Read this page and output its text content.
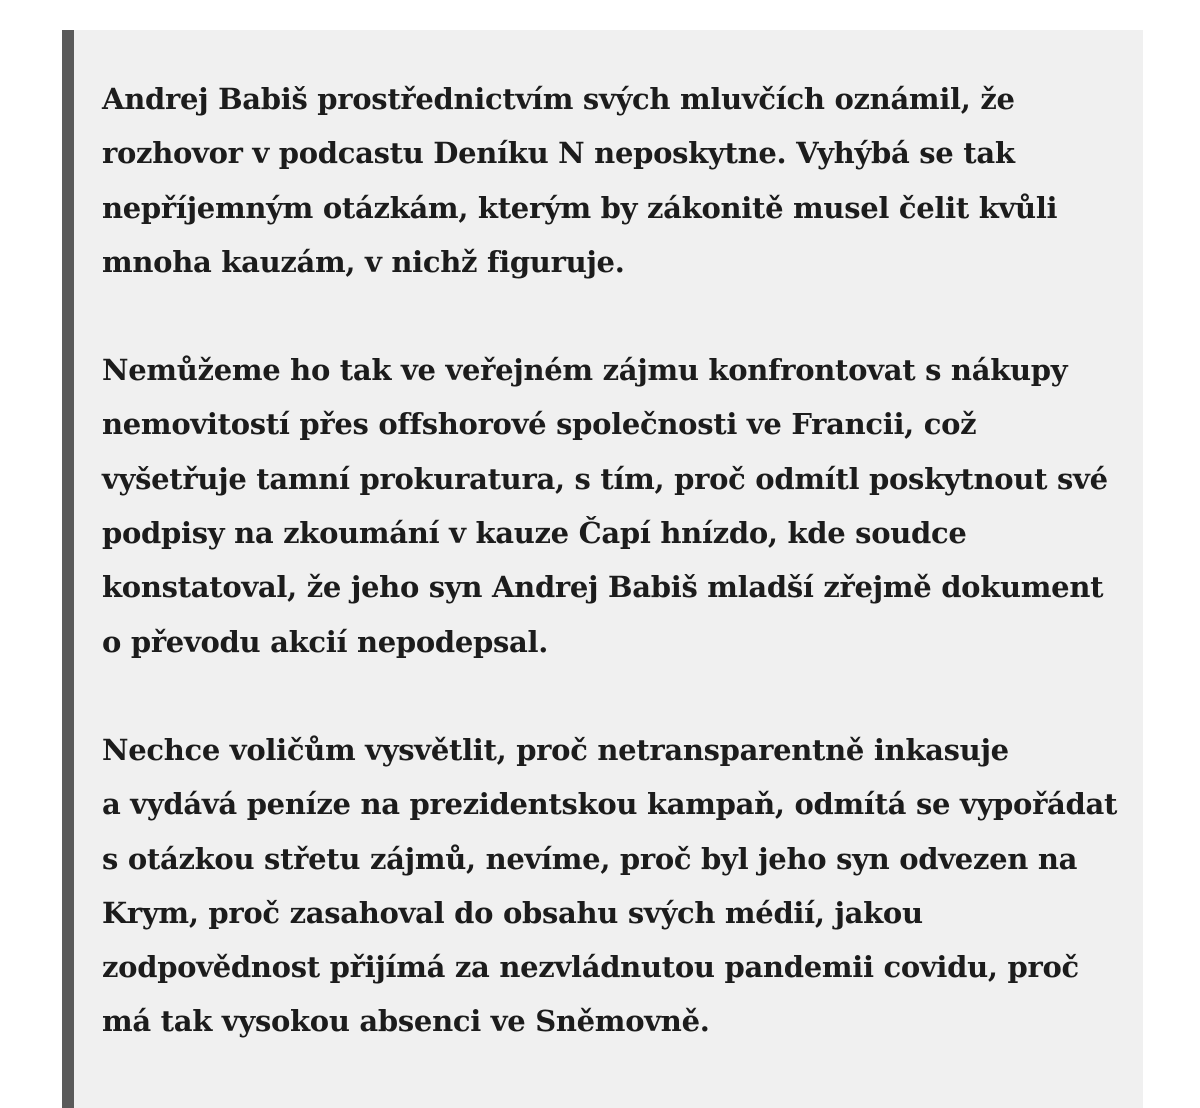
Andrej Babiš prostřednictvím svých mluvčích oznámil, že
rozhovor v podcastu Deníku N neposkytne. Vyhýbá se tak
nepříjemným otázkám, kterým by zákonitě musel čelit kvůli
mnoha kauzám, v nichž figuruje.

Nemůžeme ho tak ve veřejném zájmu konfrontovat s nákupy
nemovitostí přes offshorové společnosti ve Francii, což
vyšetřuje tamní prokuratura, s tím, proč odmítl poskytnout své
podpisy na zkoumání v kauze Čapí hnízdo, kde soudce
konstatoval, že jeho syn Andrej Babiš mladší zřejmě dokument
o převodu akcií nepodepsal.

Nechce voličům vysvětlit, proč netransparentně inkasuje
a vydává peníze na prezidentskou kampaň, odmítá se vypořádat
s otázkou střetu zájmů, nevíme, proč byl jeho syn odvezen na
Krym, proč zasahoval do obsahu svých médií, jakou
zodpovědnost přijímá za nezvládnutou pandemii covidu, proč
má tak vysokou absenci ve Sněmovně.
